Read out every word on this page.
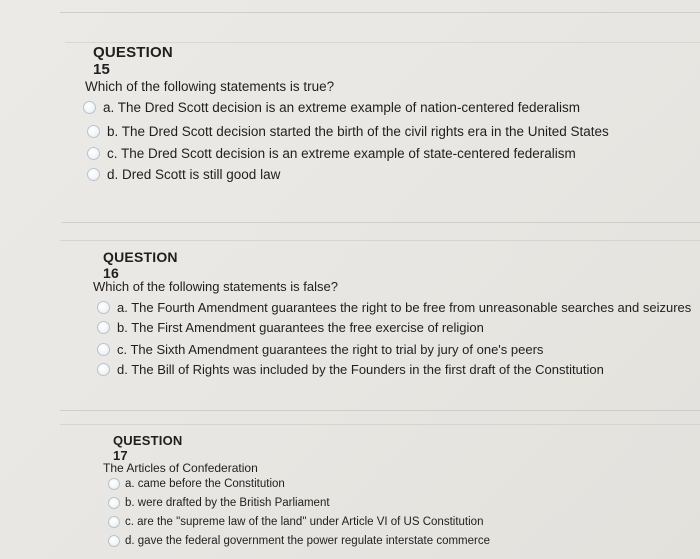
QUESTION 15

Which of the following statements is true?

a. The Dred Scott decision is an extreme example of nation-centered federalism
b. The Dred Scott decision started the birth of the civil rights era in the United States
c. The Dred Scott decision is an extreme example of state-centered federalism
d. Dred Scott is still good law
QUESTION 16

Which of the following statements is false?

a. The Fourth Amendment guarantees the right to be free from unreasonable searches and seizures
b. The First Amendment guarantees the free exercise of religion
c. The Sixth Amendment guarantees the right to trial by jury of one's peers
d. The Bill of Rights was included by the Founders in the first draft of the Constitution
QUESTION 17

The Articles of Confederation

a. came before the Constitution
b. were drafted by the British Parliament
c. are the "supreme law of the land" under Article VI of US Constitution
d. gave the federal government the power regulate interstate commerce
